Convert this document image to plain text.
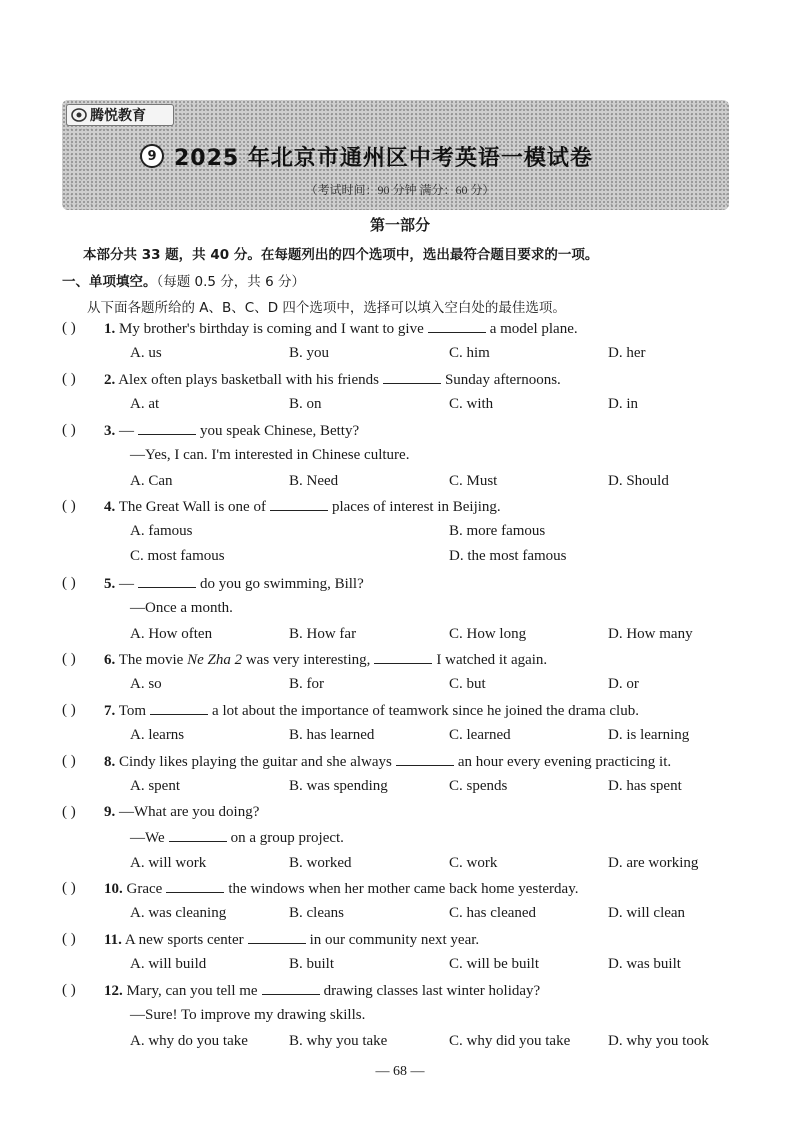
腾悦教育
9 2025 年北京市通州区中考英语一模试卷
（考试时间：90 分钟 满分：60 分）
第一部分
本部分共 33 题，共 40 分。在每题列出的四个选项中，选出最符合题目要求的一项。
一、单项填空。（每题 0.5 分，共 6 分）
从下面各题所给的 A、B、C、D 四个选项中，选择可以填入空白处的最佳选项。
( ) 1. My brother's birthday is coming and I want to give	a model plane.
A. us	B. you	C. him	D. her
( ) 2. Alex often plays basketball with his friends	Sunday afternoons.
A. at	B. on	C. with	D. in
( ) 3. —	you speak Chinese, Betty?
—Yes, I can. I'm interested in Chinese culture.
A. Can	B. Need	C. Must	D. Should
( ) 4. The Great Wall is one of	places of interest in Beijing.
A. famous	B. more famous
C. most famous	D. the most famous
( ) 5. —	do you go swimming, Bill?
—Once a month.
A. How often	B. How far	C. How long	D. How many
( ) 6. The movie Ne Zha 2 was very interesting,	I watched it again.
A. so	B. for	C. but	D. or
( ) 7. Tom	a lot about the importance of teamwork since he joined the drama club.
A. learns	B. has learned	C. learned	D. is learning
( ) 8. Cindy likes playing the guitar and she always	an hour every evening practicing it.
A. spent	B. was spending	C. spends	D. has spent
( ) 9. —What are you doing?
—We	on a group project.
A. will work	B. worked	C. work	D. are working
( ) 10. Grace	the windows when her mother came back home yesterday.
A. was cleaning	B. cleans	C. has cleaned	D. will clean
( ) 11. A new sports center	in our community next year.
A. will build	B. built	C. will be built	D. was built
( ) 12. Mary, can you tell me	drawing classes last winter holiday?
—Sure! To improve my drawing skills.
A. why do you take	B. why you take	C. why did you take	D. why you took
— 68 —
